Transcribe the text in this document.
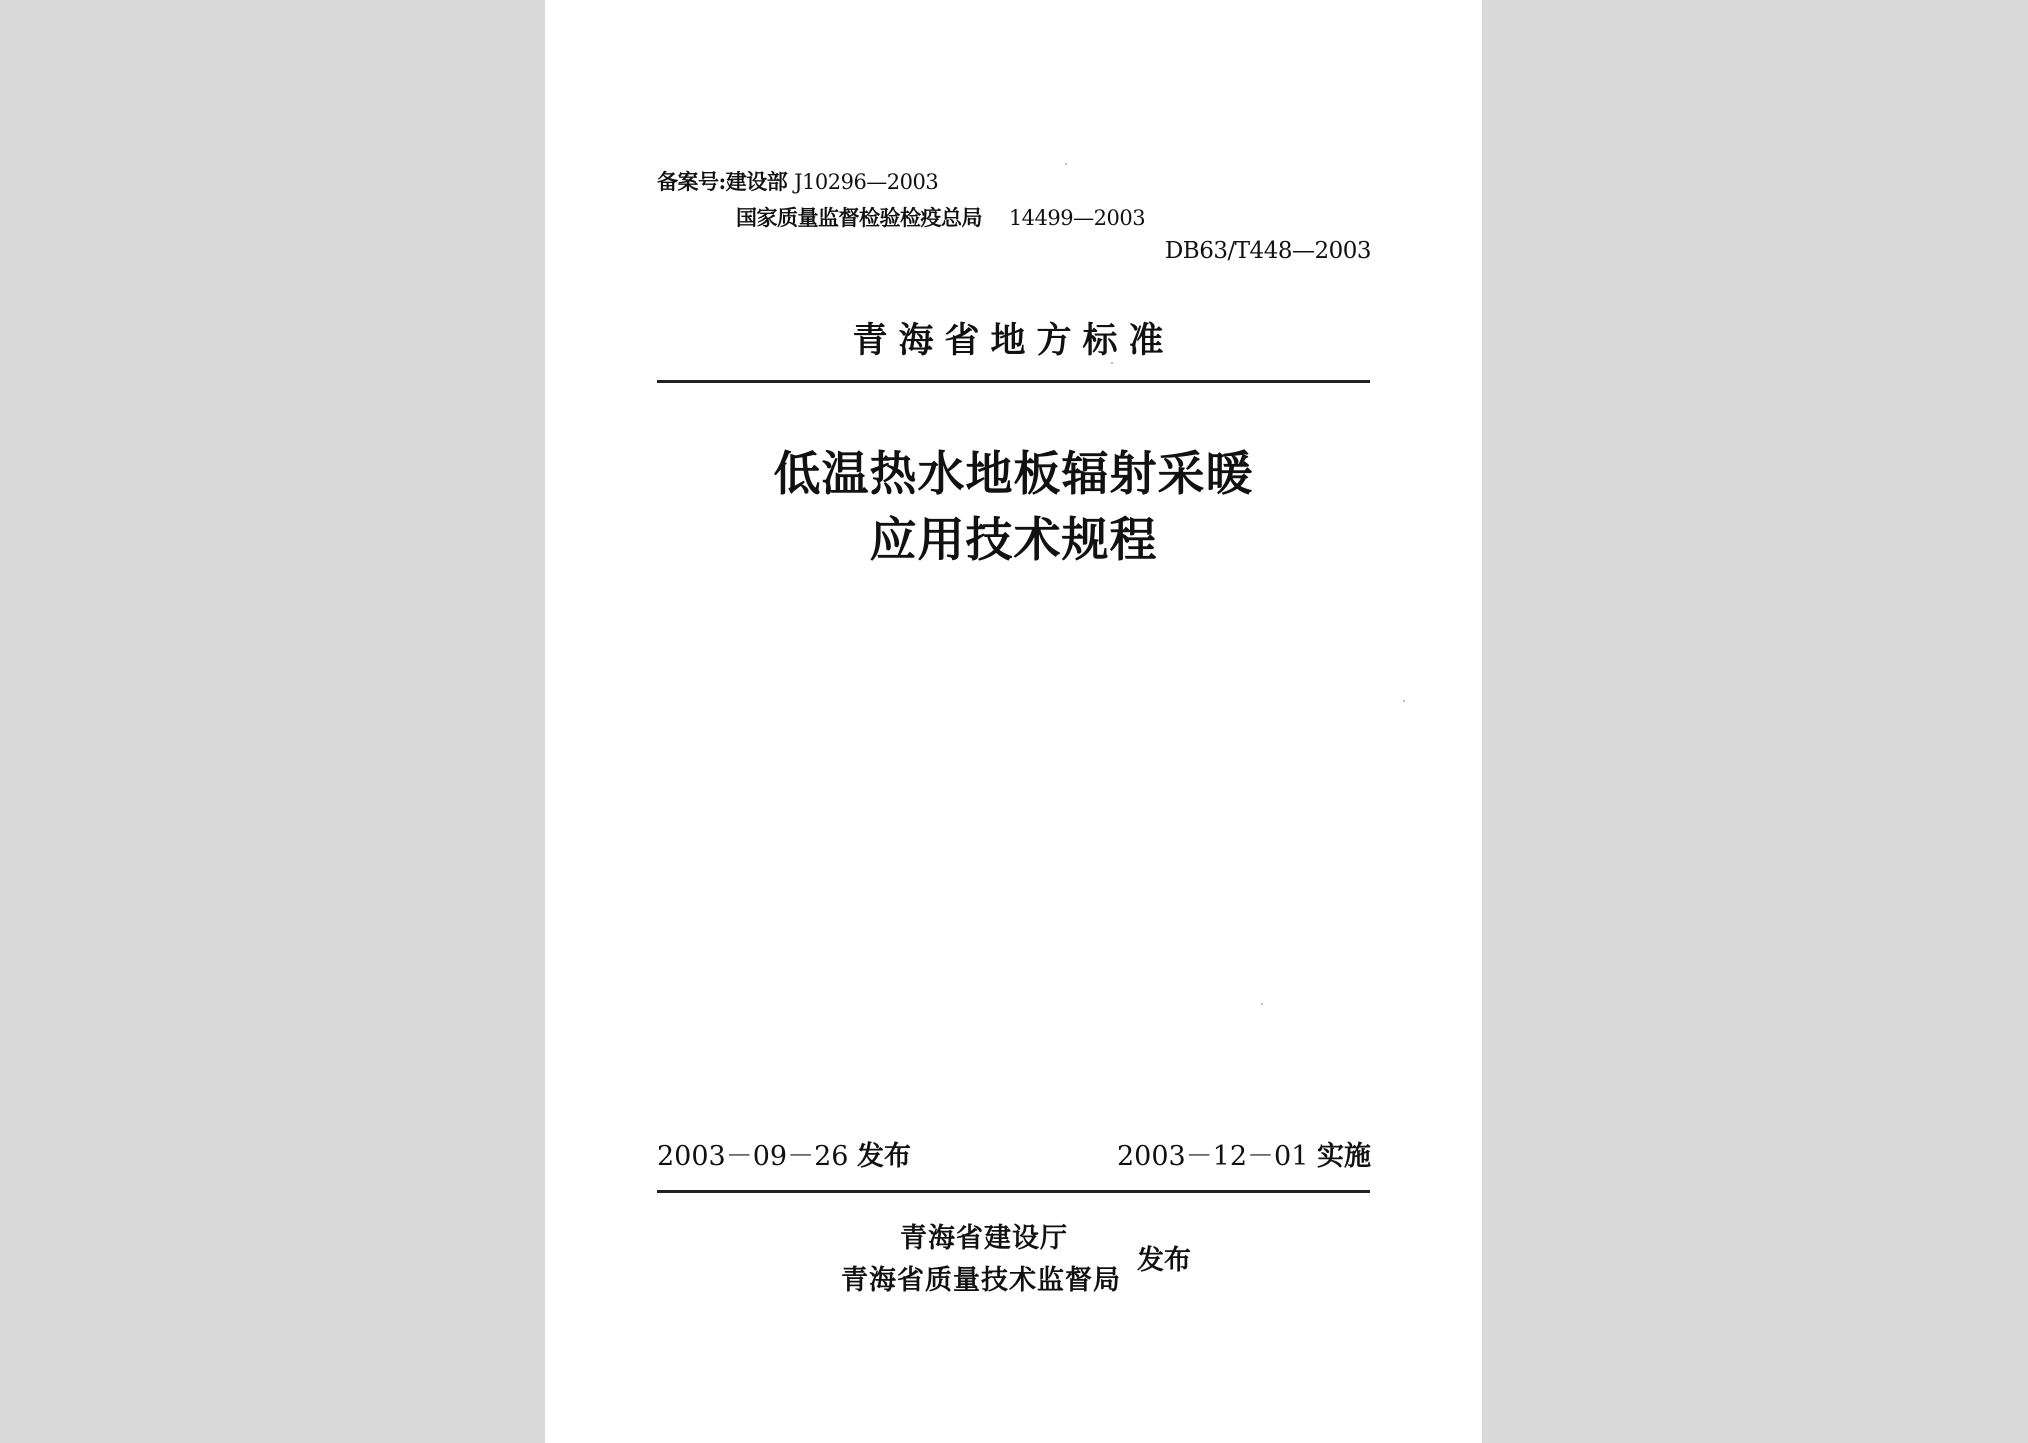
备案号:建设部 J10296—2003
国家质量监督检验检疫总局 14499—2003
DB63/T448—2003
青海省地方标准
低温热水地板辐射采暖
应用技术规程
2003－09－26 发布	2003－12－01 实施
青海省建设厅
青海省质量技术监督局
发布
